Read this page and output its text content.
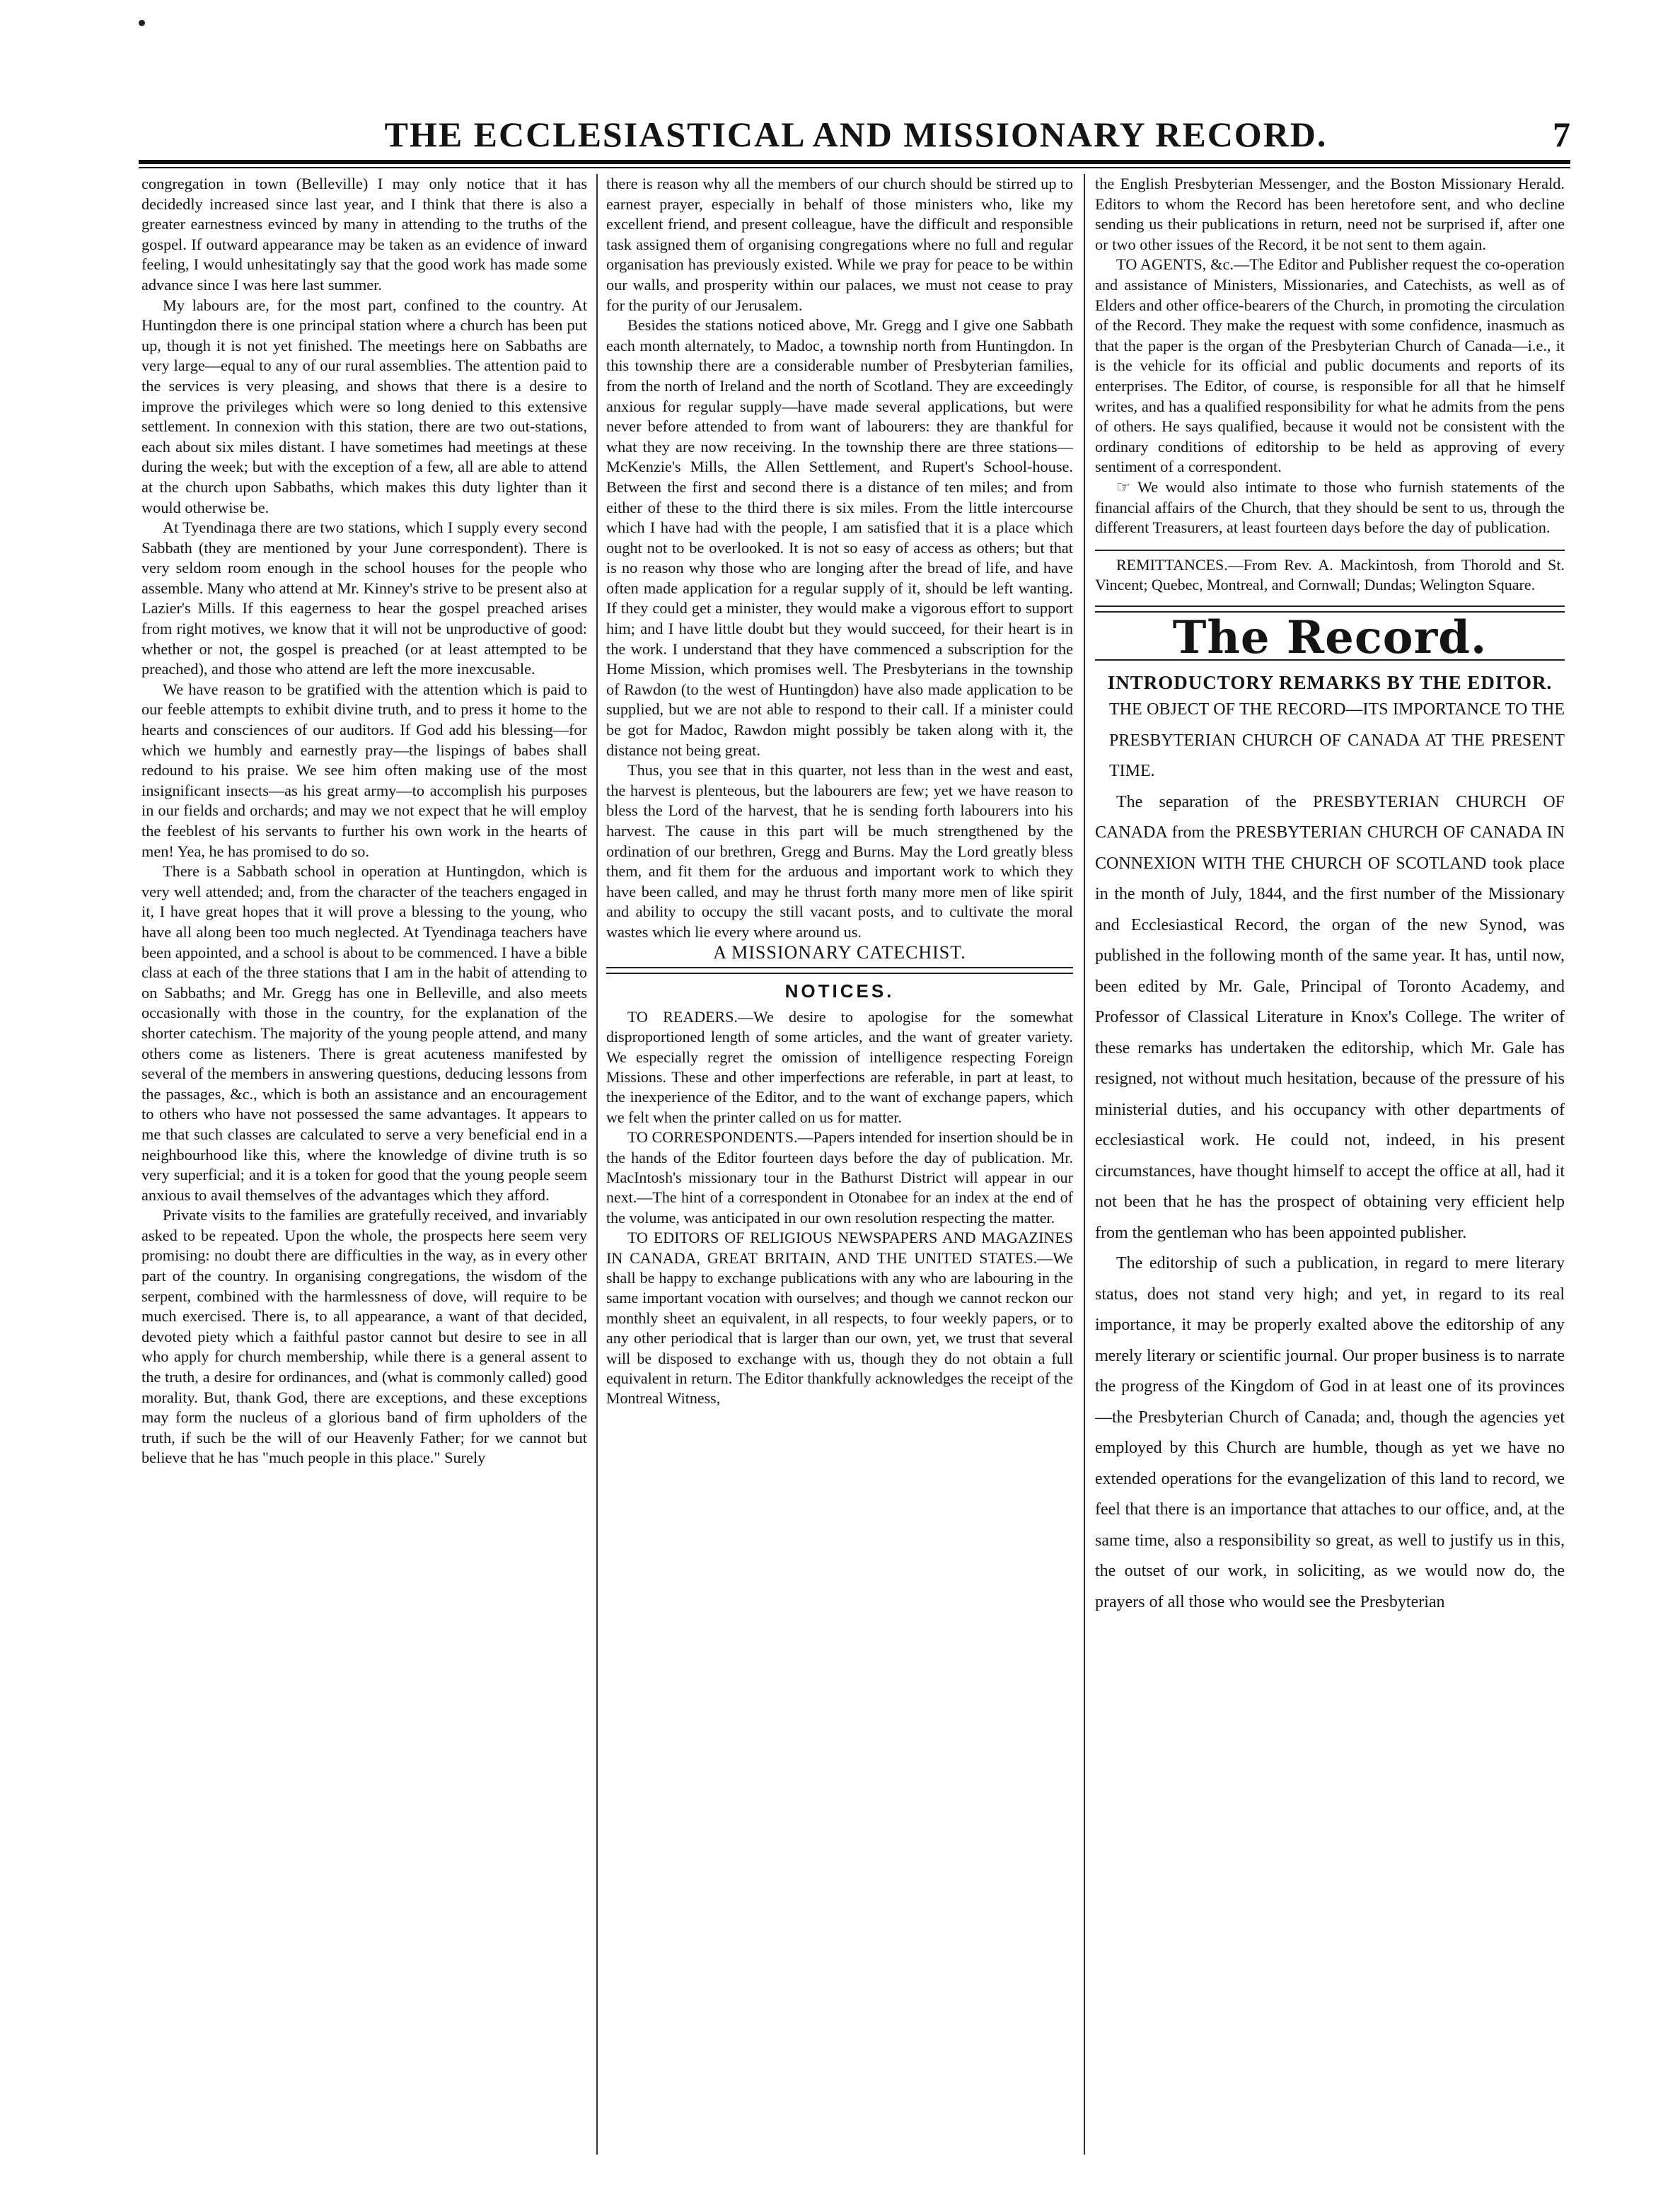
THE ECCLESIASTICAL AND MISSIONARY RECORD.	7

congregation in town (Belleville) I may only notice that it has decidedly increased since last year, and I think that there is also a greater earnestness evinced by many in attending to the truths of the gospel. If outward appearance may be taken as an evidence of inward feeling, I would unhesitatingly say that the good work has made some advance since I was here last summer.

My labours are, for the most part, confined to the country. At Huntingdon there is one principal station where a church has been put up, though it is not yet finished. The meetings here on Sabbaths are very large—equal to any of our rural assemblies. The attention paid to the services is very pleasing, and shows that there is a desire to improve the privileges which were so long denied to this extensive settlement. In connexion with this station, there are two out-stations, each about six miles distant. I have sometimes had meetings at these during the week; but with the exception of a few, all are able to attend at the church upon Sabbaths, which makes this duty lighter than it would otherwise be.

At Tyendinaga there are two stations, which I supply every second Sabbath (they are mentioned by your June correspondent). There is very seldom room enough in the school houses for the people who assemble. Many who attend at Mr. Kinney's strive to be present also at Lazier's Mills. If this eagerness to hear the gospel preached arises from right motives, we know that it will not be unproductive of good: whether or not, the gospel is preached (or at least attempted to be preached), and those who attend are left the more inexcusable.

We have reason to be gratified with the attention which is paid to our feeble attempts to exhibit divine truth, and to press it home to the hearts and consciences of our auditors. If God add his blessing—for which we humbly and earnestly pray—the lispings of babes shall redound to his praise. We see him often making use of the most insignificant insects—as his great army—to accomplish his purposes in our fields and orchards; and may we not expect that he will employ the feeblest of his servants to further his own work in the hearts of men! Yea, he has promised to do so.

There is a Sabbath school in operation at Huntingdon, which is very well attended; and, from the character of the teachers engaged in it, I have great hopes that it will prove a blessing to the young, who have all along been too much neglected. At Tyendinaga teachers have been appointed, and a school is about to be commenced. I have a bible class at each of the three stations that I am in the habit of attending to on Sabbaths; and Mr. Gregg has one in Belleville, and also meets occasionally with those in the country, for the explanation of the shorter catechism. The majority of the young people attend, and many others come as listeners. There is great acuteness manifested by several of the members in answering questions, deducing lessons from the passages, &c., which is both an assistance and an encouragement to others who have not possessed the same advantages. It appears to me that such classes are calculated to serve a very beneficial end in a neighbourhood like this, where the knowledge of divine truth is so very superficial; and it is a token for good that the young people seem anxious to avail themselves of the advantages which they afford.

Private visits to the families are gratefully received, and invariably asked to be repeated. Upon the whole, the prospects here seem very promising: no doubt there are difficulties in the way, as in every other part of the country. In organising congregations, the wisdom of the serpent, combined with the harmlessness of dove, will require to be much exercised. There is, to all appearance, a want of that decided, devoted piety which a faithful pastor cannot but desire to see in all who apply for church membership, while there is a general assent to the truth, a desire for ordinances, and (what is commonly called) good morality. But, thank God, there are exceptions, and these exceptions may form the nucleus of a glorious band of firm upholders of the truth, if such be the will of our Heavenly Father; for we cannot but believe that he has "much people in this place." Surely

there is reason why all the members of our church should be stirred up to earnest prayer, especially in behalf of those ministers who, like my excellent friend, and present colleague, have the difficult and responsible task assigned them of organising congregations where no full and regular organisation has previously existed. While we pray for peace to be within our walls, and prosperity within our palaces, we must not cease to pray for the purity of our Jerusalem.

Besides the stations noticed above, Mr. Gregg and I give one Sabbath each month alternately, to Madoc, a township north from Huntingdon. In this township there are a considerable number of Presbyterian families, from the north of Ireland and the north of Scotland. They are exceedingly anxious for regular supply—have made several applications, but were never before attended to from want of labourers: they are thankful for what they are now receiving. In the township there are three stations—McKenzie's Mills, the Allen Settlement, and Rupert's School-house. Between the first and second there is a distance of ten miles; and from either of these to the third there is six miles. From the little intercourse which I have had with the people, I am satisfied that it is a place which ought not to be overlooked. It is not so easy of access as others; but that is no reason why those who are longing after the bread of life, and have often made application for a regular supply of it, should be left wanting. If they could get a minister, they would make a vigorous effort to support him; and I have little doubt but they would succeed, for their heart is in the work. I understand that they have commenced a subscription for the Home Mission, which promises well. The Presbyterians in the township of Rawdon (to the west of Huntingdon) have also made application to be supplied, but we are not able to respond to their call. If a minister could be got for Madoc, Rawdon might possibly be taken along with it, the distance not being great.

Thus, you see that in this quarter, not less than in the west and east, the harvest is plenteous, but the labourers are few; yet we have reason to bless the Lord of the harvest, that he is sending forth labourers into his harvest. The cause in this part will be much strengthened by the ordination of our brethren, Gregg and Burns. May the Lord greatly bless them, and fit them for the arduous and important work to which they have been called, and may he thrust forth many more men of like spirit and ability to occupy the still vacant posts, and to cultivate the moral wastes which lie every where around us.

A MISSIONARY CATECHIST.

NOTICES.

TO READERS.—We desire to apologise for the somewhat disproportioned length of some articles, and the want of greater variety. We especially regret the omission of intelligence respecting Foreign Missions. These and other imperfections are referable, in part at least, to the inexperience of the Editor, and to the want of exchange papers, which we felt when the printer called on us for matter.

TO CORRESPONDENTS.—Papers intended for insertion should be in the hands of the Editor fourteen days before the day of publication. Mr. MacIntosh's missionary tour in the Bathurst District will appear in our next.—The hint of a correspondent in Otonabee for an index at the end of the volume, was anticipated in our own resolution respecting the matter.

TO EDITORS OF RELIGIOUS NEWSPAPERS AND MAGAZINES IN CANADA, GREAT BRITAIN, AND THE UNITED STATES.—We shall be happy to exchange publications with any who are labouring in the same important vocation with ourselves; and though we cannot reckon our monthly sheet an equivalent, in all respects, to four weekly papers, or to any other periodical that is larger than our own, yet, we trust that several will be disposed to exchange with us, though they do not obtain a full equivalent in return. The Editor thankfully acknowledges the receipt of the Montreal Witness,

the English Presbyterian Messenger, and the Boston Missionary Herald. Editors to whom the Record has been heretofore sent, and who decline sending us their publications in return, need not be surprised if, after one or two other issues of the Record, it be not sent to them again.

TO AGENTS, &c.—The Editor and Publisher request the co-operation and assistance of Ministers, Missionaries, and Catechists, as well as of Elders and other office-bearers of the Church, in promoting the circulation of the Record. They make the request with some confidence, inasmuch as that the paper is the organ of the Presbyterian Church of Canada—i.e., it is the vehicle for its official and public documents and reports of its enterprises. The Editor, of course, is responsible for all that he himself writes, and has a qualified responsibility for what he admits from the pens of others. He says qualified, because it would not be consistent with the ordinary conditions of editorship to be held as approving of every sentiment of a correspondent.

☞ We would also intimate to those who furnish statements of the financial affairs of the Church, that they should be sent to us, through the different Treasurers, at least fourteen days before the day of publication.

REMITTANCES.—From Rev. A. Mackintosh, from Thorold and St. Vincent; Quebec, Montreal, and Cornwall; Dundas; Welington Square.

The Record.
INTRODUCTORY REMARKS BY THE EDITOR.

THE OBJECT OF THE RECORD—ITS IMPORTANCE TO THE PRESBYTERIAN CHURCH OF CANADA AT THE PRESENT TIME.

The separation of the PRESBYTERIAN CHURCH OF CANADA from the PRESBYTERIAN CHURCH OF CANADA IN CONNEXION WITH THE CHURCH OF SCOTLAND took place in the month of July, 1844, and the first number of the Missionary and Ecclesiastical Record, the organ of the new Synod, was published in the following month of the same year. It has, until now, been edited by Mr. Gale, Principal of Toronto Academy, and Professor of Classical Literature in Knox's College. The writer of these remarks has undertaken the editorship, which Mr. Gale has resigned, not without much hesitation, because of the pressure of his ministerial duties, and his occupancy with other departments of ecclesiastical work. He could not, indeed, in his present circumstances, have thought himself to accept the office at all, had it not been that he has the prospect of obtaining very efficient help from the gentleman who has been appointed publisher.

The editorship of such a publication, in regard to mere literary status, does not stand very high; and yet, in regard to its real importance, it may be properly exalted above the editorship of any merely literary or scientific journal. Our proper business is to narrate the progress of the Kingdom of God in at least one of its provinces—the Presbyterian Church of Canada; and, though the agencies yet employed by this Church are humble, though as yet we have no extended operations for the evangelization of this land to record, we feel that there is an importance that attaches to our office, and, at the same time, also a responsibility so great, as well to justify us in this, the outset of our work, in soliciting, as we would now do, the prayers of all those who would see the Presbyterian
